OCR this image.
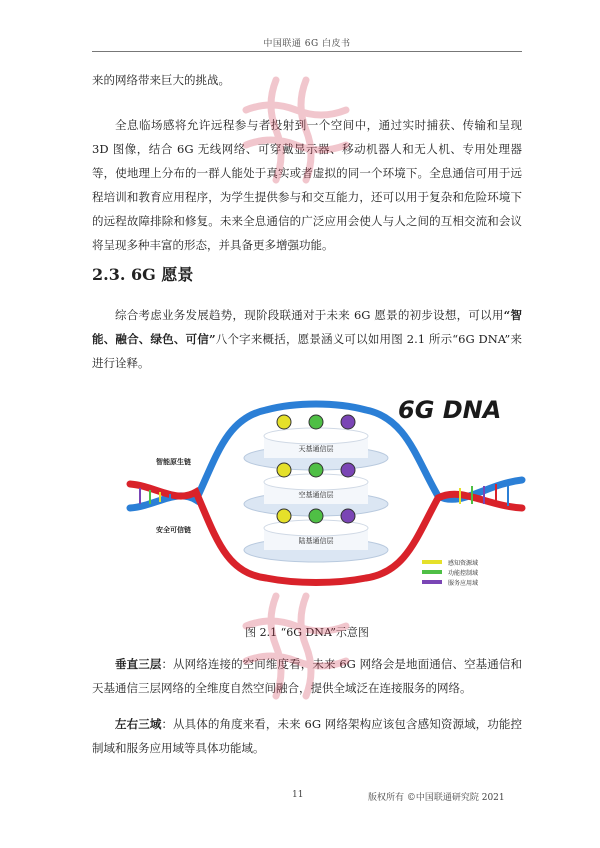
中国联通 6G 白皮书

来的网络带来巨大的挑战。

全息临场感将允许远程参与者投射到一个空间中，通过实时捕获、传输和呈现 3D 图像，结合 6G 无线网络、可穿戴显示器、移动机器人和无人机、专用处理器等，使地理上分布的一群人能处于真实或者虚拟的同一个环境下。全息通信可用于远程培训和教育应用程序，为学生提供参与和交互能力，还可以用于复杂和危险环境下的远程故障排除和修复。未来全息通信的广泛应用会使人与人之间的互相交流和会议将呈现多种丰富的形态，并具备更多增强功能。

2.3. 6G 愿景

综合考虑业务发展趋势，现阶段联通对于未来 6G 愿景的初步设想，可以用“智能、融合、绿色、可信”八个字来概括，愿景涵义可以如用图 2.1 所示“6G DNA”来进行诠释。

6G DNA
天基通信层
空基通信层
陆基通信层
智能原生链
安全可信链
感知资源域
功能控制域
服务应用域
图 2.1 “6G DNA”示意图

垂直三层：从网络连接的空间维度看，未来 6G 网络会是地面通信、空基通信和天基通信三层网络的全维度自然空间融合，提供全域泛在连接服务的网络。

左右三域：从具体的角度来看，未来 6G 网络架构应该包含感知资源域，功能控制域和服务应用域等具体功能域。

11	版权所有 ©中国联通研究院 2021
